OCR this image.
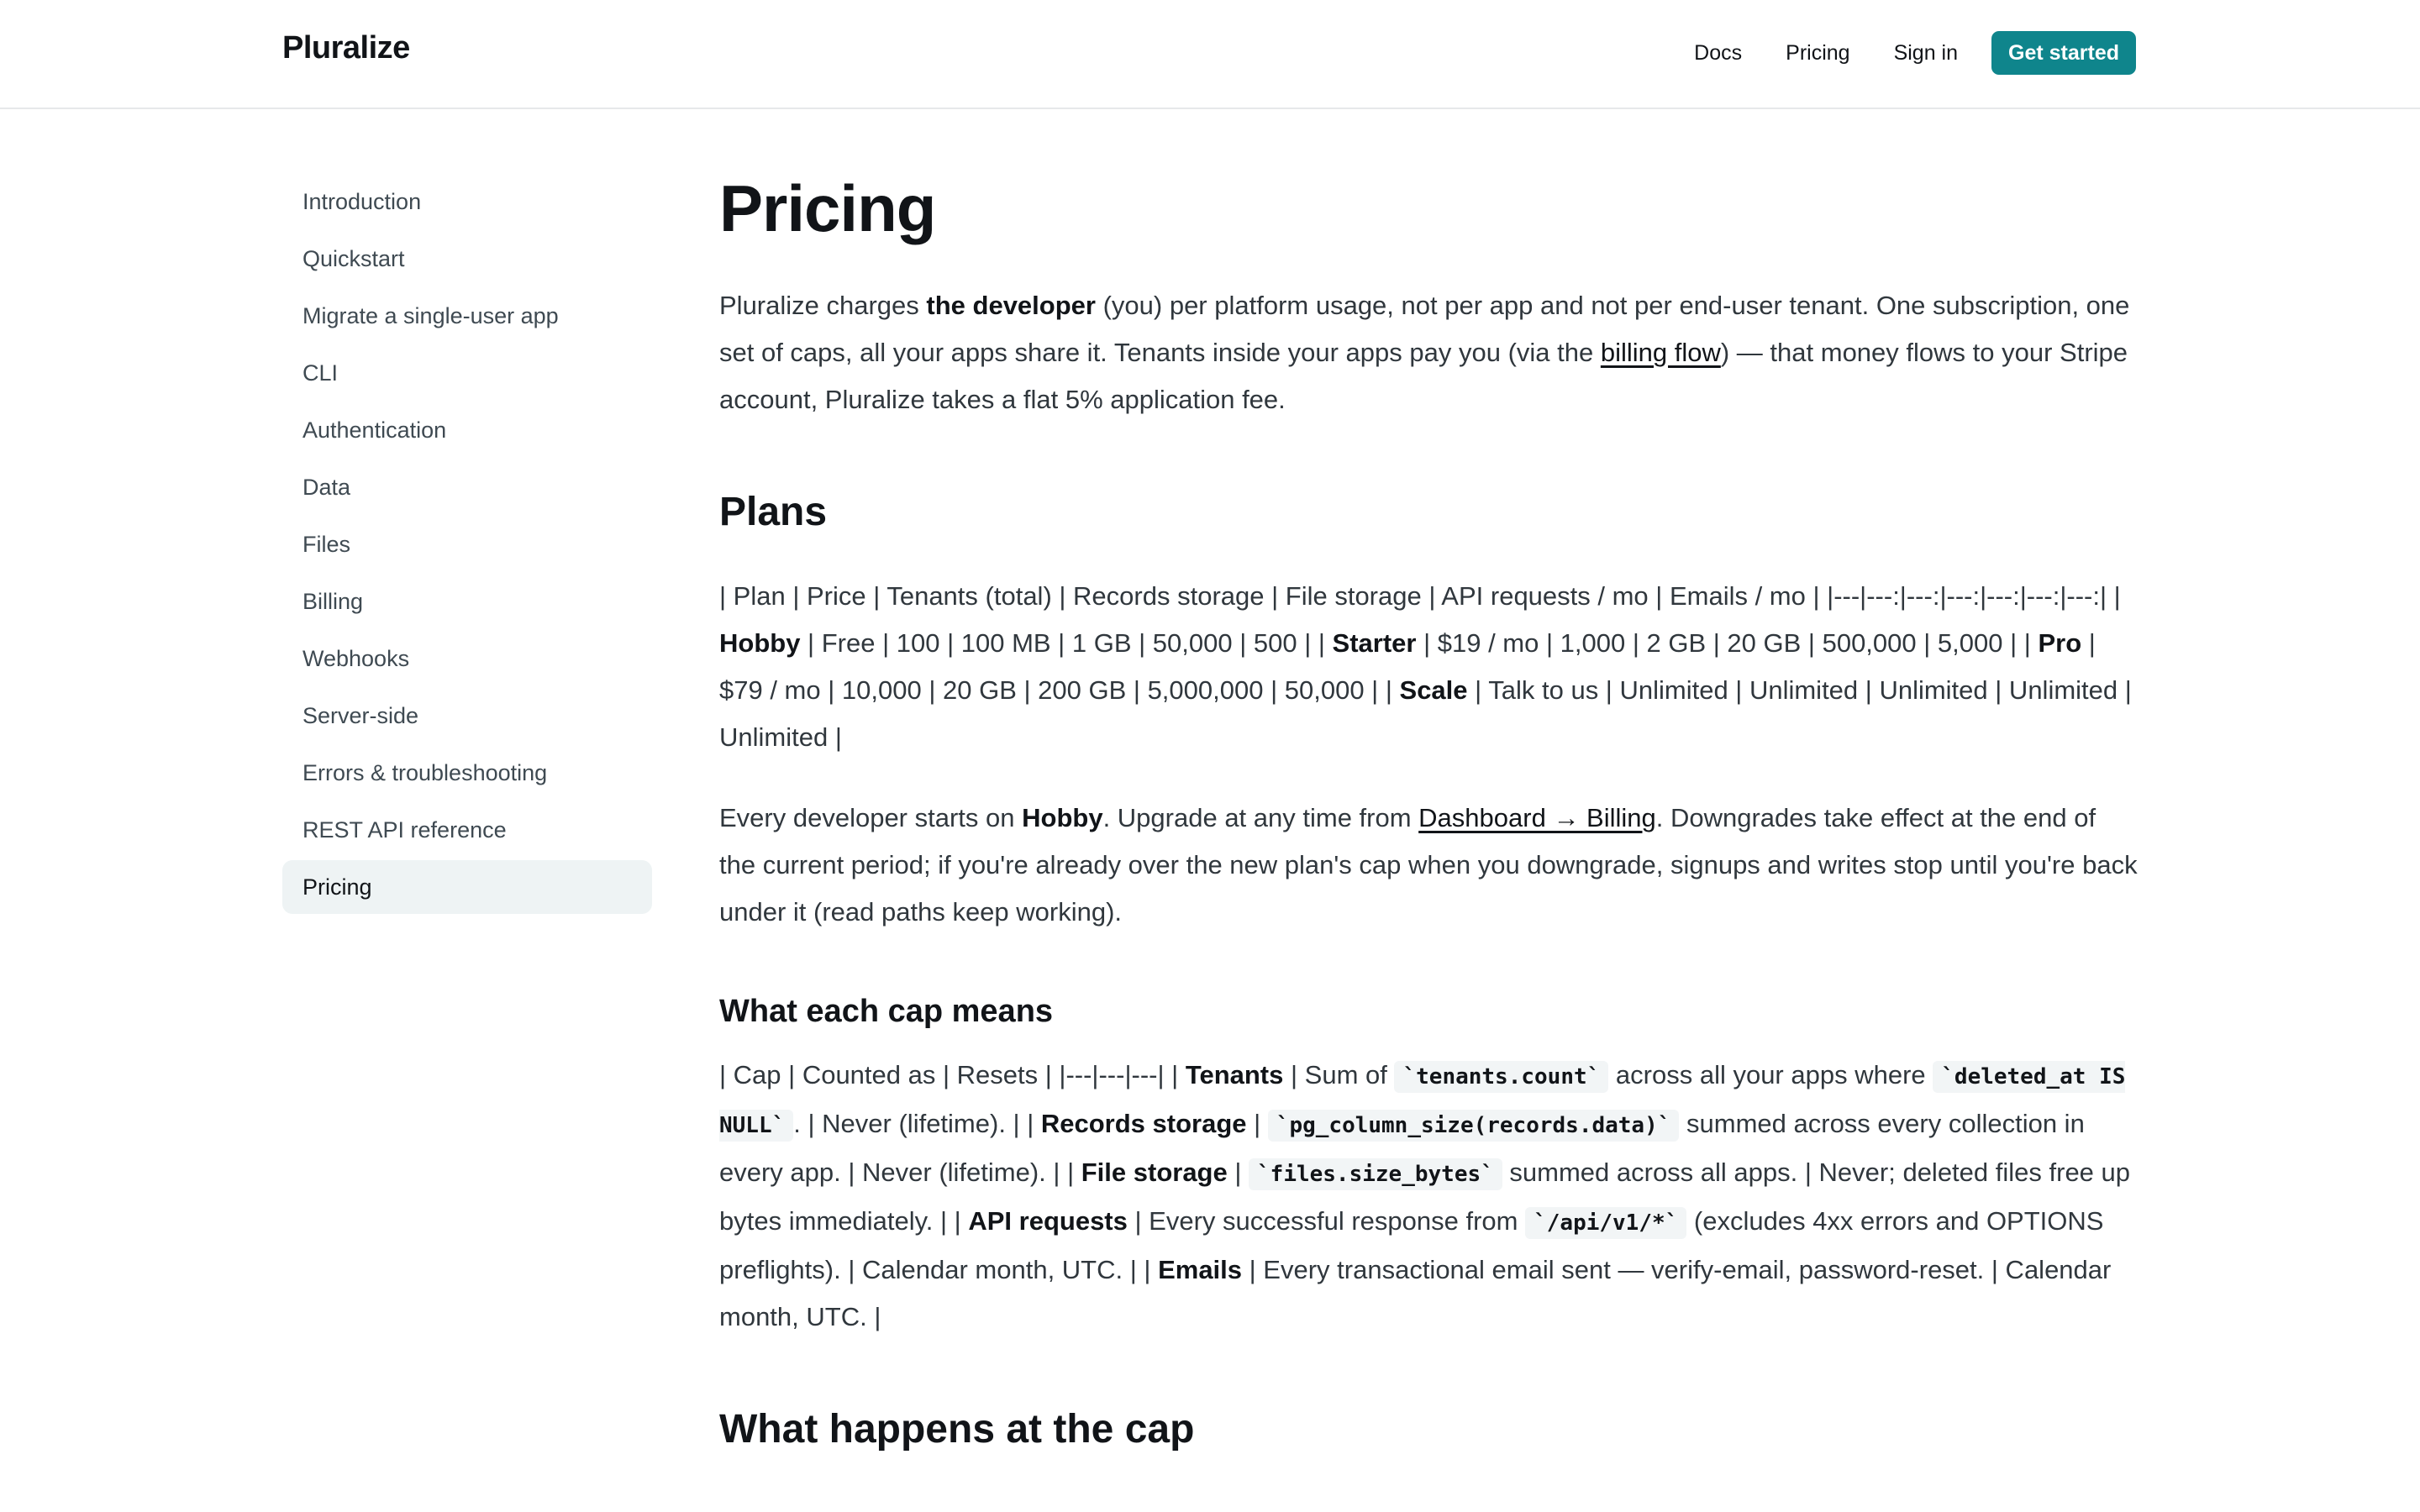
Pluralize	Docs Pricing Sign in	Get started
Introduction
Quickstart
Migrate a single-user app
CLI
Authentication
Data
Files
Billing
Webhooks
Server-side
Errors & troubleshooting
REST API reference
Pricing
Pricing

Pluralize charges the developer (you) per platform usage, not per app and not per end-user tenant. One subscription, one set of caps, all your apps share it. Tenants inside your apps pay you (via the billing flow) — that money flows to your Stripe account, Pluralize takes a flat 5% application fee.

Plans

| Plan | Price | Tenants (total) | Records storage | File storage | API requests / mo | Emails / mo | |---|---:|---:|---:|---:|---:|---:| | Hobby | Free | 100 | 100 MB | 1 GB | 50,000 | 500 | | Starter | $19 / mo | 1,000 | 2 GB | 20 GB | 500,000 | 5,000 | | Pro | $79 / mo | 10,000 | 20 GB | 200 GB | 5,000,000 | 50,000 | | Scale | Talk to us | Unlimited | Unlimited | Unlimited | Unlimited | Unlimited |

Every developer starts on Hobby. Upgrade at any time from Dashboard → Billing. Downgrades take effect at the end of the current period; if you're already over the new plan's cap when you downgrade, signups and writes stop until you're back under it (read paths keep working).

What each cap means

| Cap | Counted as | Resets | |---|---|---| | Tenants | Sum of `tenants.count` across all your apps where `deleted_at IS NULL` . | Never (lifetime). | | Records storage | `pg_column_size(records.data)` summed across every collection in every app. | Never (lifetime). | | File storage | `files.size_bytes` summed across all apps. | Never; deleted files free up bytes immediately. | | API requests | Every successful response from `/api/v1/*` (excludes 4xx errors and OPTIONS preflights). | Calendar month, UTC. | | Emails | Every transactional email sent — verify-email, password-reset. | Calendar month, UTC. |

What happens at the cap
